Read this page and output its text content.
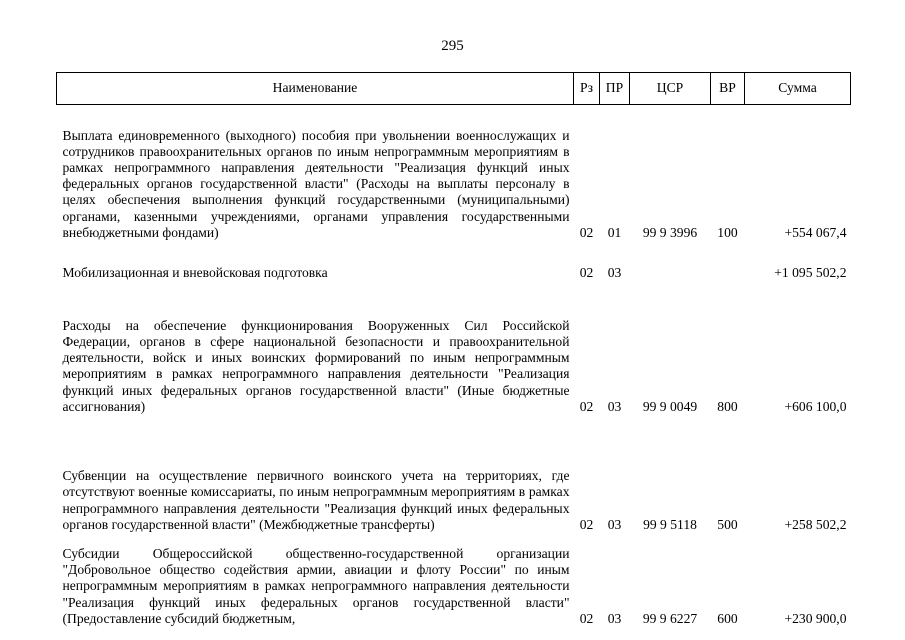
295
Наименование	Рз	ПР	ЦСР	ВР	Сумма
Выплата единовременного (выходного) пособия при увольнении военнослужащих и сотрудников правоохранительных органов по иным непрограммным мероприятиям в рамках непрограммного направления деятельности "Реализация функций иных федеральных органов государственной власти" (Расходы на выплаты персоналу в целях обеспечения выполнения функций государственными (муниципальными) органами, казенными учреждениями, органами управления государственными внебюджетными фондами)	02	01	99 9 3996	100	+554 067,4

Мобилизационная и вневойсковая подготовка	02	03			+1 095 502,2

Расходы на обеспечение функционирования Вооруженных Сил Российской Федерации, органов в сфере национальной безопасности и правоохранительной деятельности, войск и иных воинских формирований по иным непрограммным мероприятиям в рамках непрограммного направления деятельности "Реализация функций иных федеральных органов государственной власти" (Иные бюджетные ассигнования)	02	03	99 9 0049	800	+606 100,0

Субвенции на осуществление первичного воинского учета на территориях, где отсутствуют военные комиссариаты, по иным непрограммным мероприятиям в рамках непрограммного направления деятельности "Реализация функций иных федеральных органов государственной власти" (Межбюджетные трансферты)	02	03	99 9 5118	500	+258 502,2

Субсидии Общероссийской общественно-государственной организации "Добровольное общество содействия армии, авиации и флоту России" по иным непрограммным мероприятиям в рамках непрограммного направления деятельности "Реализация функций иных федеральных органов государственной власти" (Предоставление субсидий бюджетным,	02	03	99 9 6227	600	+230 900,0
